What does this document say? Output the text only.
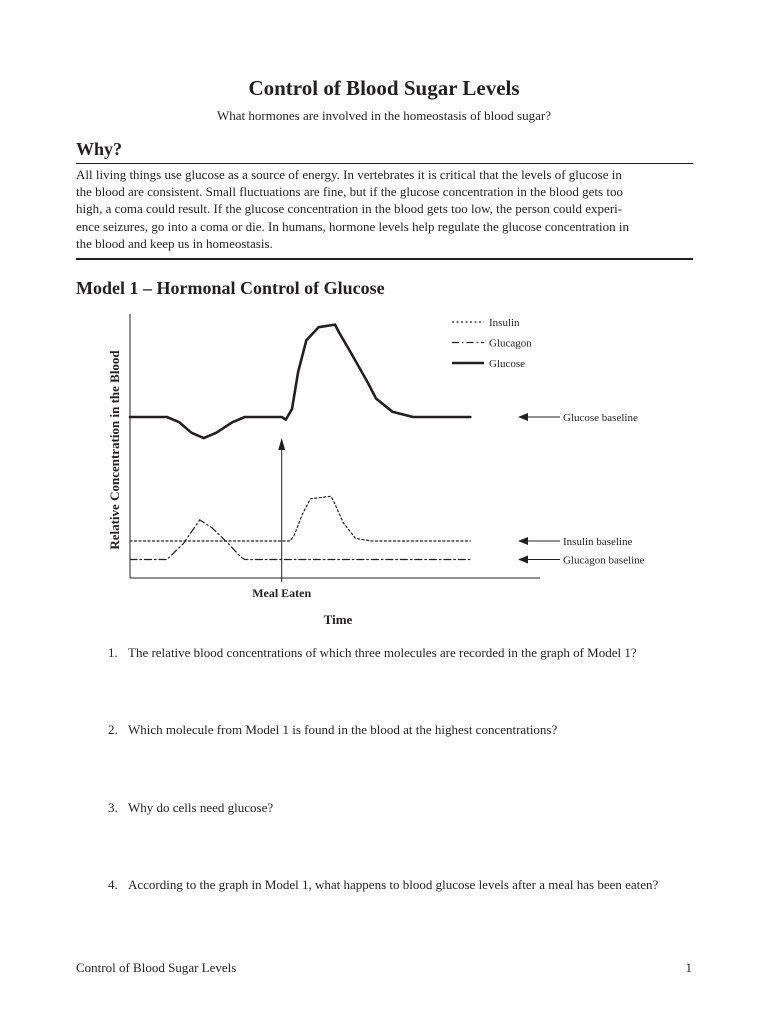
Control of Blood Sugar Levels
What hormones are involved in the homeostasis of blood sugar?
Why?
All living things use glucose as a source of energy. In vertebrates it is critical that the levels of glucose in
the blood are consistent. Small fluctuations are fine, but if the glucose concentration in the blood gets too
high, a coma could result. If the glucose concentration in the blood gets too low, the person could experi-
ence seizures, go into a coma or die. In humans, hormone levels help regulate the glucose concentration in
the blood and keep us in homeostasis.
Model 1 – Hormonal Control of Glucose
Meal Eaten
Glucose baseline
Insulin baseline
Glucagon baseline
Insulin
Glucagon
Glucose
Time
Relative Concentration in the Blood
1. The relative blood concentrations of which three molecules are recorded in the graph of Model 1?
2. Which molecule from Model 1 is found in the blood at the highest concentrations?
3. Why do cells need glucose?
4. According to the graph in Model 1, what happens to blood glucose levels after a meal has been eaten?
Control of Blood Sugar Levels	1
